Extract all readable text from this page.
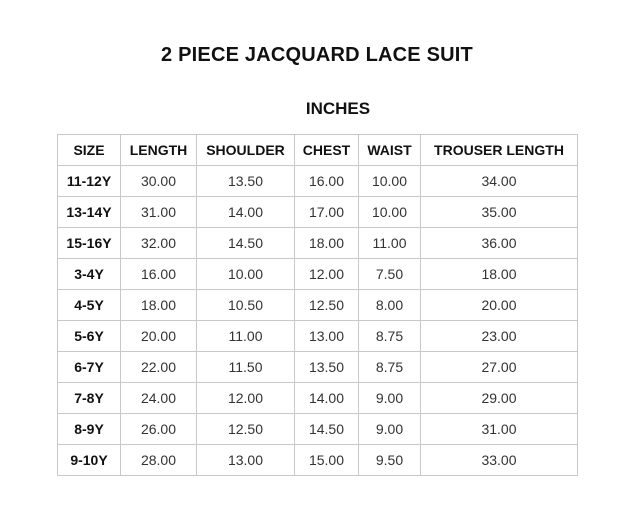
2 PIECE JACQUARD LACE SUIT
INCHES
SIZE	LENGTH	SHOULDER	CHEST	WAIST	TROUSER LENGTH
11-12Y	30.00	13.50	16.00	10.00	34.00
13-14Y	31.00	14.00	17.00	10.00	35.00
15-16Y	32.00	14.50	18.00	11.00	36.00
3-4Y	16.00	10.00	12.00	7.50	18.00
4-5Y	18.00	10.50	12.50	8.00	20.00
5-6Y	20.00	11.00	13.00	8.75	23.00
6-7Y	22.00	11.50	13.50	8.75	27.00
7-8Y	24.00	12.00	14.00	9.00	29.00
8-9Y	26.00	12.50	14.50	9.00	31.00
9-10Y	28.00	13.00	15.00	9.50	33.00
